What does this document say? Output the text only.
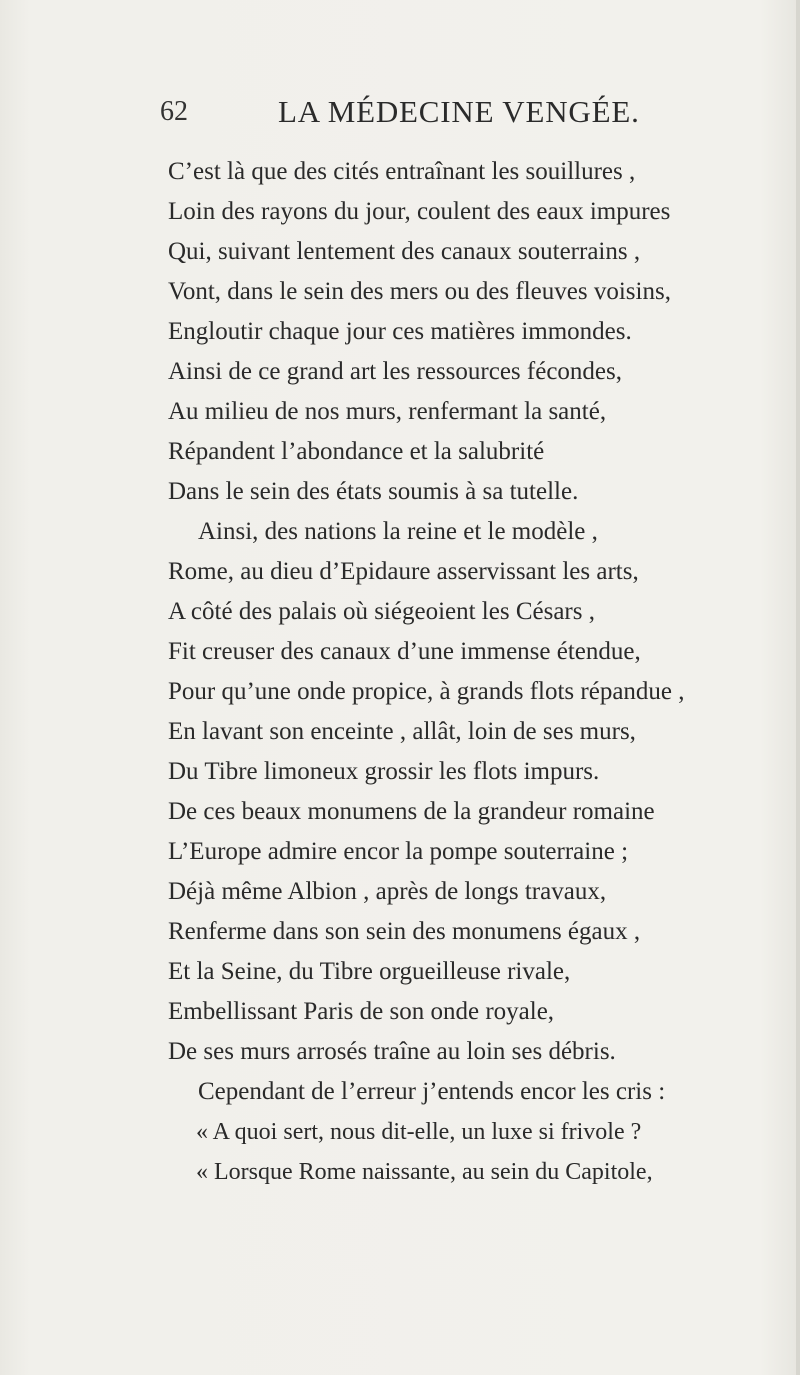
62	LA MÉDECINE VENGÉE.
C’est là que des cités entraînant les souillures ,
Loin des rayons du jour, coulent des eaux impures
Qui, suivant lentement des canaux souterrains ,
Vont, dans le sein des mers ou des fleuves voisins,
Engloutir chaque jour ces matières immondes.
Ainsi de ce grand art les ressources fécondes,
Au milieu de nos murs, renfermant la santé,
Répandent l’abondance et la salubrité
Dans le sein des états soumis à sa tutelle.
Ainsi, des nations la reine et le modèle ,
Rome, au dieu d’Epidaure asservissant les arts,
A côté des palais où siégeoient les Césars ,
Fit creuser des canaux d’une immense étendue,
Pour qu’une onde propice, à grands flots répandue ,
En lavant son enceinte , allât, loin de ses murs,
Du Tibre limoneux grossir les flots impurs.
De ces beaux monumens de la grandeur romaine
L’Europe admire encor la pompe souterraine ;
Déjà même Albion , après de longs travaux,
Renferme dans son sein des monumens égaux ,
Et la Seine, du Tibre orgueilleuse rivale,
Embellissant Paris de son onde royale,
De ses murs arrosés traîne au loin ses débris.
Cependant de l’erreur j’entends encor les cris :
« A quoi sert, nous dit-elle, un luxe si frivole ?
« Lorsque Rome naissante, au sein du Capitole,
